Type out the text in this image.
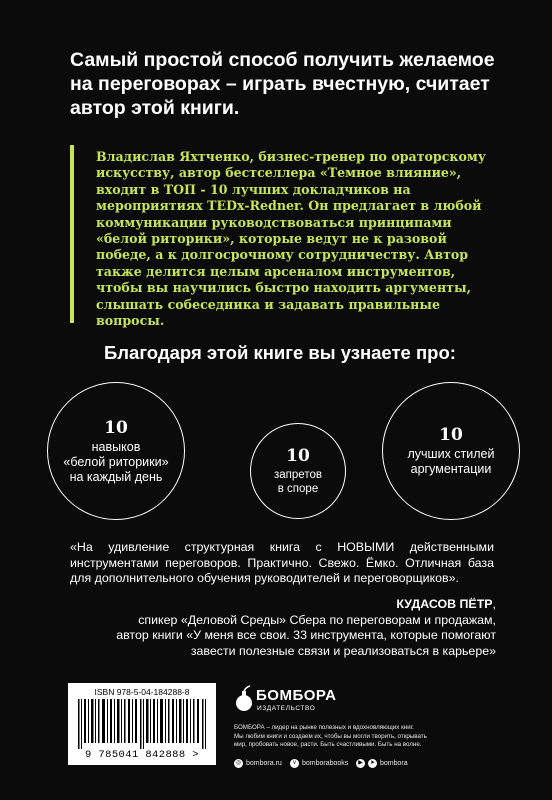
Самый простой способ получить желаемое на переговорах – играть вчестную, считает автор этой книги.
Владислав Яхтченко, бизнес-тренер по ораторскому искусству, автор бестселлера «Темное влияние», входит в ТОП - 10 лучших докладчиков на мероприятиях TEDx-Redner. Он предлагает в любой коммуникации руководствоваться принципами «белой риторики», которые ведут не к разовой победе, а к долгосрочному сотрудничеству. Автор также делится целым арсеналом инструментов, чтобы вы научились быстро находить аргументы, слышать собеседника и задавать правильные вопросы.
Благодаря этой книге вы узнаете про:
10
навыков
«белой риторики»
на каждый день
10
запретов
в споре
10
лучших стилей
аргументации
«На удивление структурная книга с НОВЫМИ действенными инструментами переговоров. Практично. Свежо. Ёмко. Отличная база для дополнительного обучения руководителей и переговорщиков».
КУДАСОВ ПЁТР,
спикер «Деловой Среды» Сбера по переговорам и продажам,
автор книги «У меня все свои. 33 инструмента, которые помогают
завести полезные связи и реализоваться в карьере»
ISBN 978-5-04-184288-8
9 785041 842888 >
БОМБОРА
ИЗДАТЕЛЬСТВО
БОМБОРА – лидер на рынке полезных и вдохновляющих книг.
Мы любим книги и создаем их, чтобы вы могли творить, открывать
мир, пробовать новое, расти. Быть счастливыми. Быть на волне.
◎ bombora.ru	v bomborabooks	▶	➤ bombora
